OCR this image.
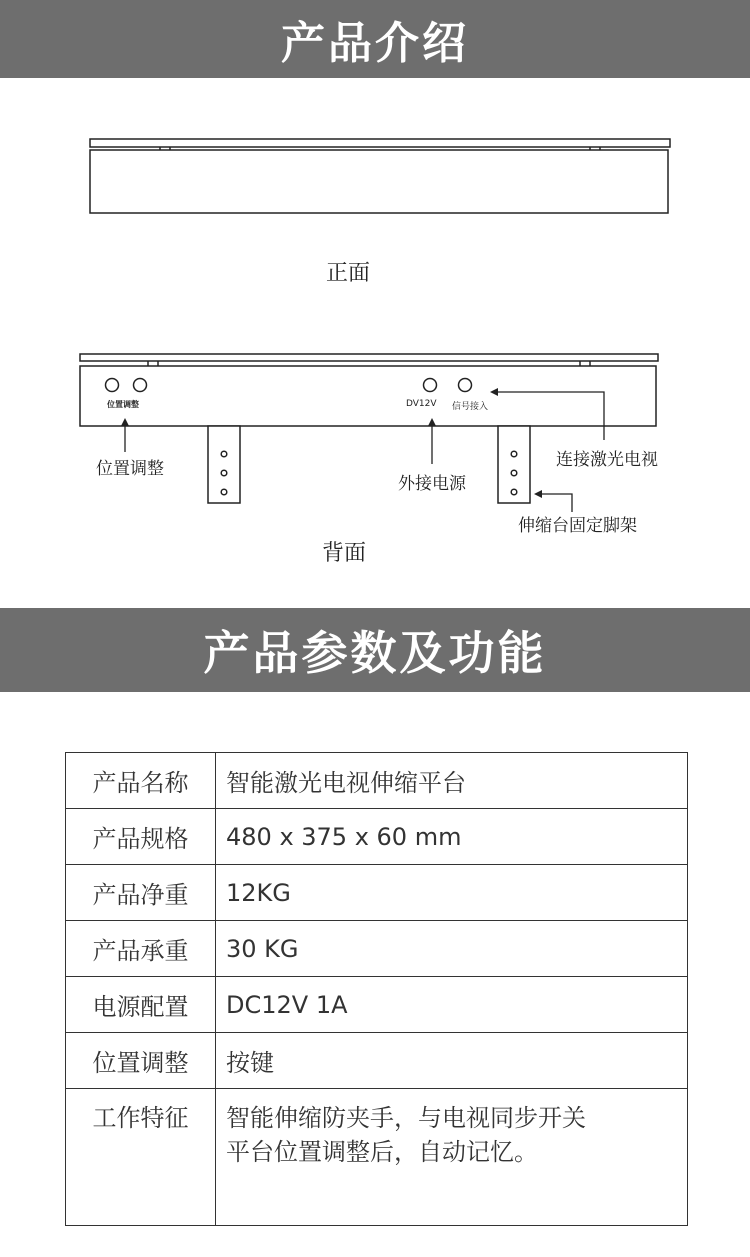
产品介绍
正面
背面
位置调整	DV12V 信号接入
位置调整
外接电源
连接激光电视
伸缩台固定脚架
产品参数及功能
产品名称	智能激光电视伸缩平台
产品规格	480 x 375 x 60 mm
产品净重	12KG
产品承重	30 KG
电源配置	DC12V 1A
位置调整	按键
工作特征	智能伸缩防夹手，与电视同步开关
平台位置调整后，自动记忆。
